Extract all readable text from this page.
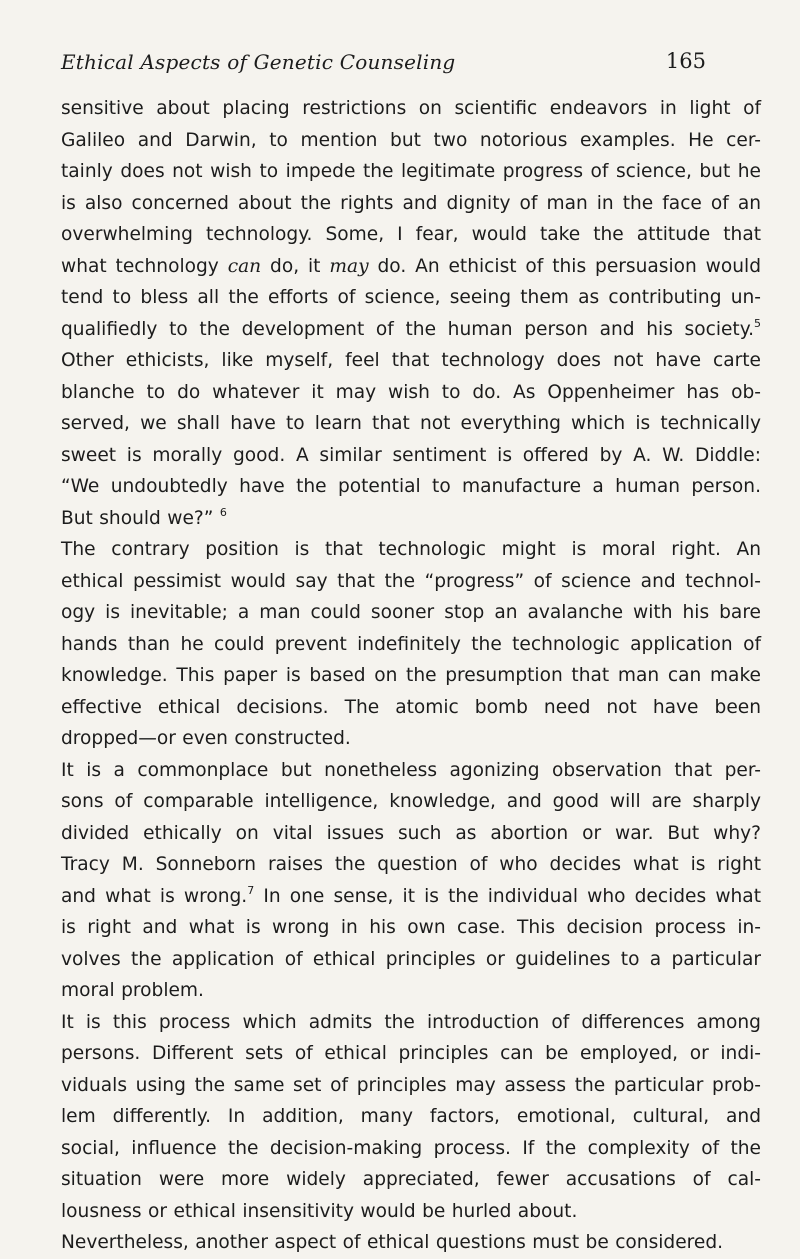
Ethical Aspects of Genetic Counseling	165
sensitive about placing restrictions on scientific endeavors in light of
Galileo and Darwin, to mention but two notorious examples. He cer-
tainly does not wish to impede the legitimate progress of science, but he
is also concerned about the rights and dignity of man in the face of an
overwhelming technology. Some, I fear, would take the attitude that
what technology can do, it may do. An ethicist of this persuasion would
tend to bless all the efforts of science, seeing them as contributing un-
qualifiedly to the development of the human person and his society.$^5$
Other ethicists, like myself, feel that technology does not have carte
blanche to do whatever it may wish to do. As Oppenheimer has ob-
served, we shall have to learn that not everything which is technically
sweet is morally good. A similar sentiment is offered by A. W. Diddle:
“We undoubtedly have the potential to manufacture a human person.
But should we?” $^6$
The contrary position is that technologic might is moral right. An
ethical pessimist would say that the “progress” of science and technol-
ogy is inevitable; a man could sooner stop an avalanche with his bare
hands than he could prevent indefinitely the technologic application of
knowledge. This paper is based on the presumption that man can make
effective ethical decisions. The atomic bomb need not have been
dropped—or even constructed.
It is a commonplace but nonetheless agonizing observation that per-
sons of comparable intelligence, knowledge, and good will are sharply
divided ethically on vital issues such as abortion or war. But why?
Tracy M. Sonneborn raises the question of who decides what is right
and what is wrong.$^7$ In one sense, it is the individual who decides what
is right and what is wrong in his own case. This decision process in-
volves the application of ethical principles or guidelines to a particular
moral problem.
It is this process which admits the introduction of differences among
persons. Different sets of ethical principles can be employed, or indi-
viduals using the same set of principles may assess the particular prob-
lem differently. In addition, many factors, emotional, cultural, and
social, influence the decision-making process. If the complexity of the
situation were more widely appreciated, fewer accusations of cal-
lousness or ethical insensitivity would be hurled about.
Nevertheless, another aspect of ethical questions must be considered.
